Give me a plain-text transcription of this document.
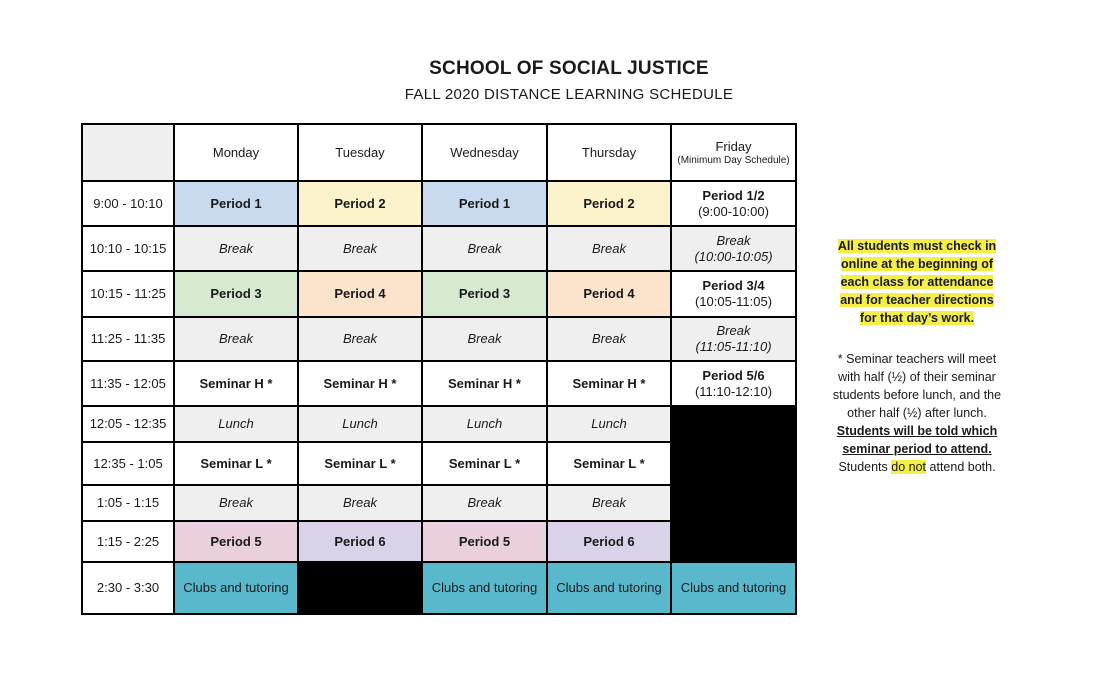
SCHOOL OF SOCIAL JUSTICE
FALL 2020 DISTANCE LEARNING SCHEDULE
	Monday	Tuesday	Wednesday	Thursday	Friday
(Minimum Day Schedule)

9:00 - 10:10	Period 1	Period 2	Period 1	Period 2	Period 1/2
(9:00-10:00)

10:10 - 10:15	Break	Break	Break	Break	Break
(10:00-10:05)

10:15 - 11:25	Period 3	Period 4	Period 3	Period 4	Period 3/4
(10:05-11:05)

11:25 - 11:35	Break	Break	Break	Break	Break
(11:05-11:10)

11:35 - 12:05	Seminar H *	Seminar H *	Seminar H *	Seminar H *	Period 5/6
(11:10-12:10)

12:05 - 12:35	Lunch	Lunch	Lunch	Lunch	
12:35 - 1:05	Seminar L *	Seminar L *	Seminar L *	Seminar L *	
1:05 - 1:15	Break	Break	Break	Break	
1:15 - 2:25	Period 5	Period 6	Period 5	Period 6	
2:30 - 3:30	Clubs and tutoring		Clubs and tutoring	Clubs and tutoring	Clubs and tutoring
All students must check in online at the beginning of each class for attendance and for teacher directions for that day’s work.
* Seminar teachers will meet with half (½) of their seminar students before lunch, and the other half (½) after lunch. Students will be told which seminar period to attend. Students do not attend both.
